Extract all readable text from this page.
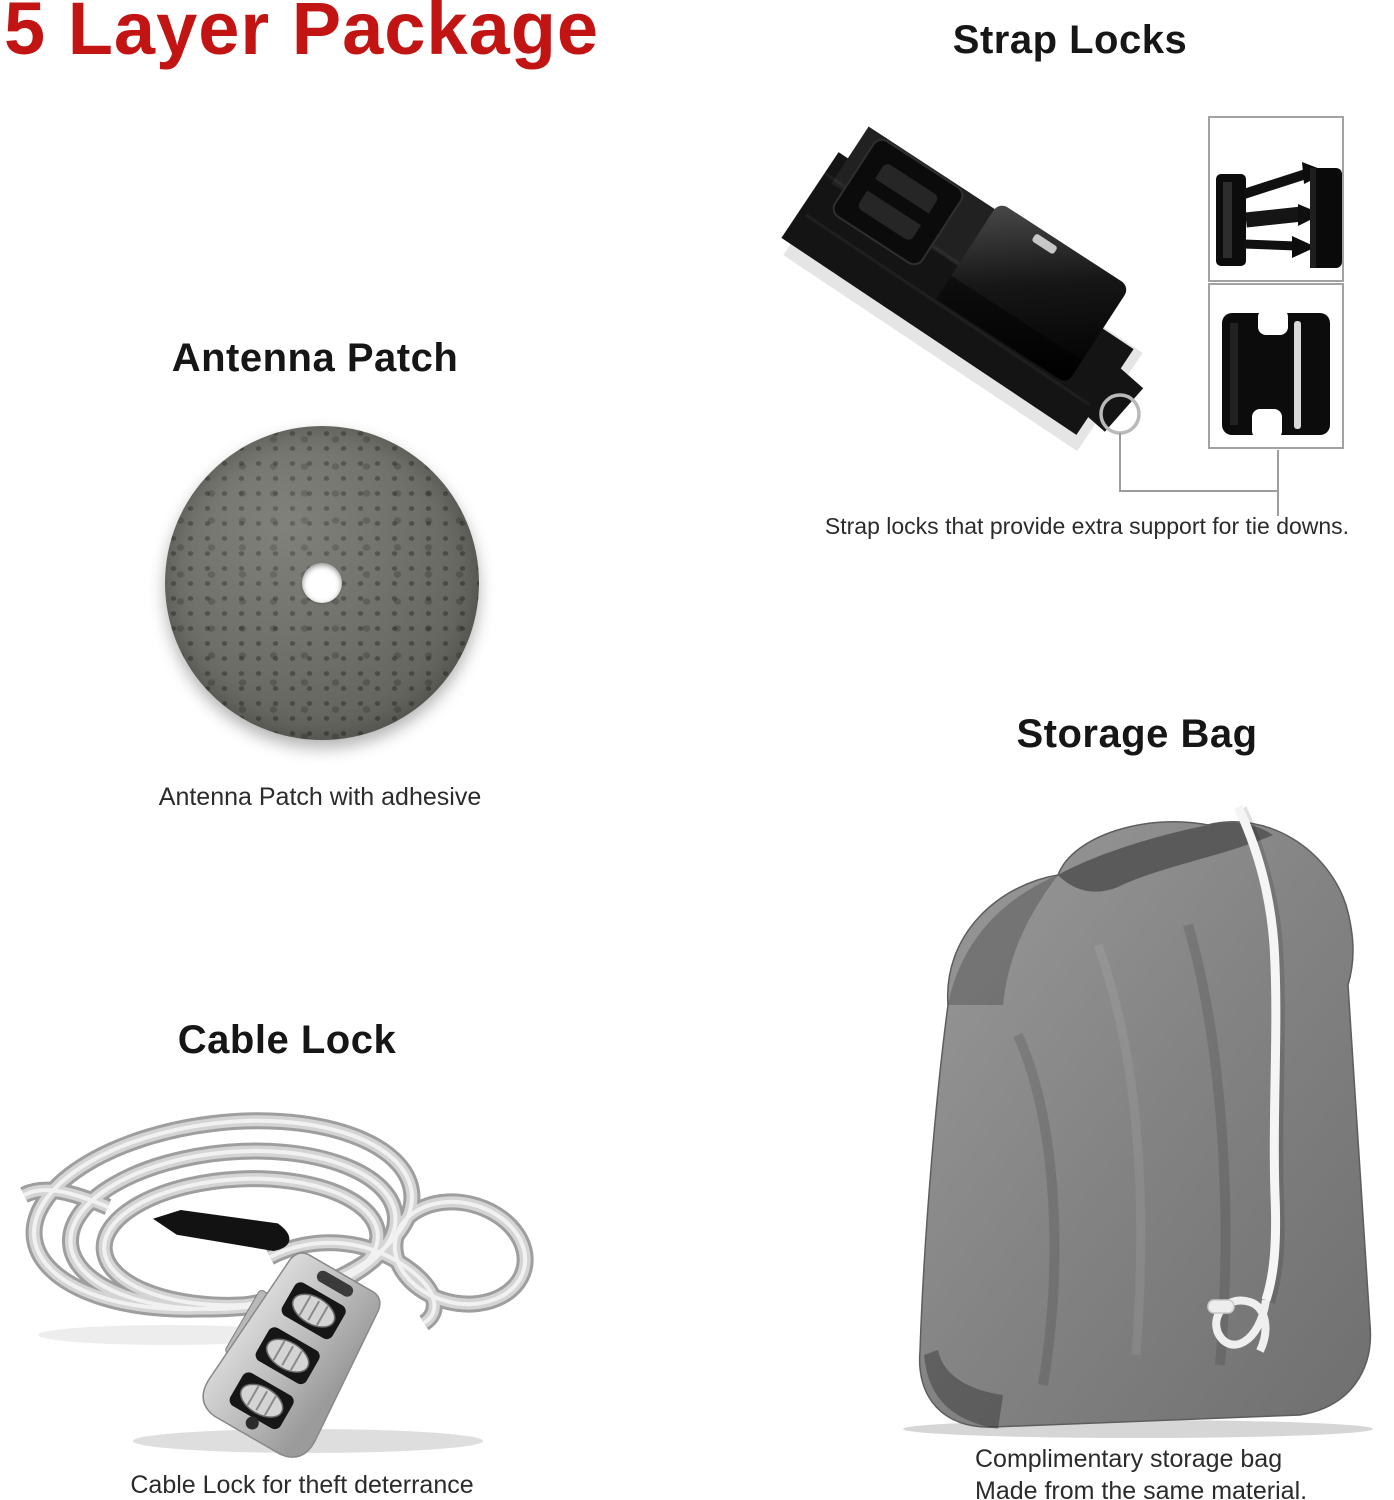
5 Layer Package	Strap Locks
Strap locks that provide extra support for tie downs.
Antenna Patch
Antenna Patch with adhesive
Storage Bag
Complimentary storage bag
Made from the same material.
Cable Lock
Cable Lock for theft deterrance
